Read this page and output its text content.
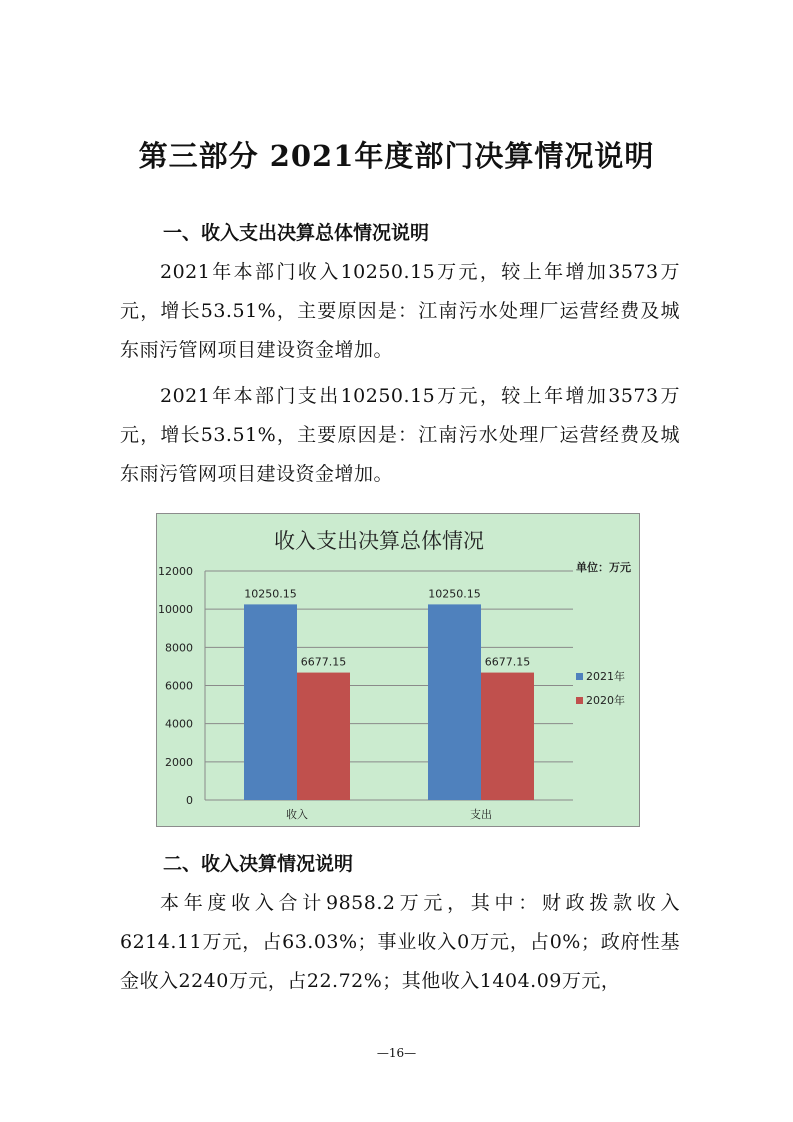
第三部分 2021年度部门决算情况说明
一、收入支出决算总体情况说明
2021年本部门收入10250.15万元，较上年增加3573万元，增长53.51%，主要原因是：江南污水处理厂运营经费及城东雨污管网项目建设资金增加。
2021年本部门支出10250.15万元，较上年增加3573万元，增长53.51%，主要原因是：江南污水处理厂运营经费及城东雨污管网项目建设资金增加。
收入支出决算总体情况
单位：万元
0
2000
4000
6000
8000
10000
12000
10250.15
6677.15
10250.15
6677.15
收入	支出
2021年
2020年
二、收入决算情况说明
本年度收入合计9858.2万元，其中：财政拨款收入6214.11万元，占63.03%；事业收入0万元，占0%；政府性基金收入2240万元，占22.72%；其他收入1404.09万元，
—16—
